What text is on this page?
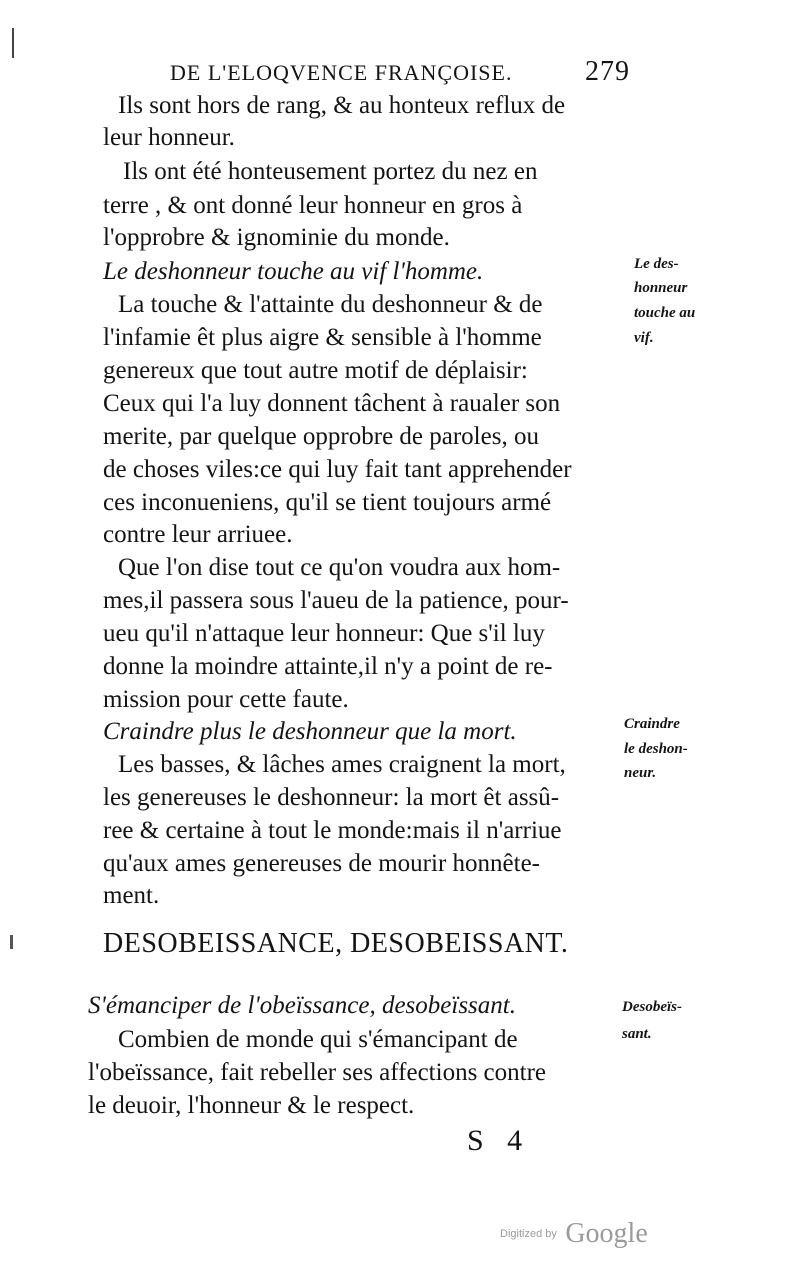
DE L'ELOQVENCE FRANÇOISE.	279
Ils sont hors de rang, & au honteux reflux de
leur honneur.
Ils ont été honteusement portez du nez en
terre , & ont donné leur honneur en gros à
l'opprobre & ignominie du monde.
Le deshonneur touche au vif l'homme.
La touche & l'attainte du deshonneur & de
l'infamie êt plus aigre & sensible à l'homme
genereux que tout autre motif de déplaisir:
Ceux qui l'a luy donnent tâchent à raualer son
merite, par quelque opprobre de paroles, ou
de choses viles:ce qui luy fait tant apprehender
ces inconueniens, qu'il se tient toujours armé
contre leur arriuee.
Que l'on dise tout ce qu'on voudra aux hom-
mes,il passera sous l'aueu de la patience, pour-
ueu qu'il n'attaque leur honneur: Que s'il luy
donne la moindre attainte,il n'y a point de re-
mission pour cette faute.
Craindre plus le deshonneur que la mort.
Les basses, & lâches ames craignent la mort,
les genereuses le deshonneur: la mort êt assû-
ree & certaine à tout le monde:mais il n'arriue
qu'aux ames genereuses de mourir honnête-
ment.
DESOBEISSANCE, DESOBEISSANT.
S'émanciper de l'obeïssance, desobeïssant.
Combien de monde qui s'émancipant de
l'obeïssance, fait rebeller ses affections contre
le deuoir, l'honneur & le respect.
Le des-
honneur
touche au
vif.
Craindre
le deshon-
neur.
Desobeïs-
sant.
S 4
Digitized by Google
